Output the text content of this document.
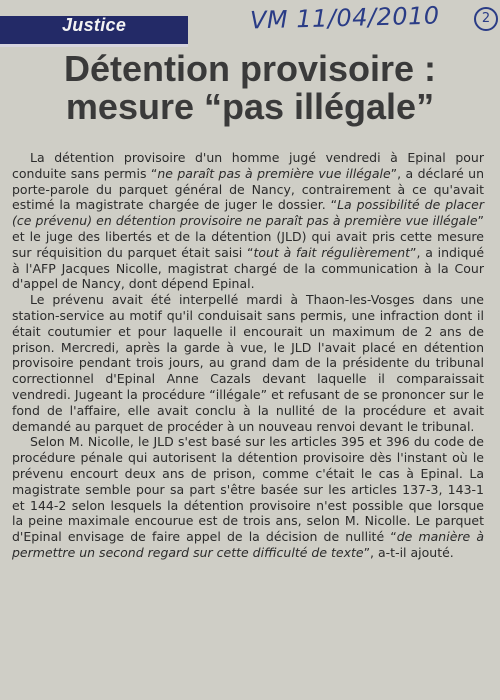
Justice	VM 11/04/2010	2
Détention provisoire :
mesure “pas illégale”

La détention provisoire d'un homme jugé vendredi à Epinal pour conduite sans permis “ne paraît pas à première vue illégale”, a déclaré un porte-parole du parquet général de Nancy, contrairement à ce qu'avait estimé la magistrate chargée de juger le dossier. “La possibilité de placer (ce prévenu) en détention provisoire ne paraît pas à première vue illégale” et le juge des libertés et de la détention (JLD) qui avait pris cette mesure sur réquisition du parquet était saisi “tout à fait régulièrement”, a indiqué à l'AFP Jacques Nicolle, magistrat chargé de la communication à la Cour d'appel de Nancy, dont dépend Epinal.

Le prévenu avait été interpellé mardi à Thaon-les-Vosges dans une station-service au motif qu'il conduisait sans permis, une infraction dont il était coutumier et pour laquelle il encourait un maximum de 2 ans de prison. Mercredi, après la garde à vue, le JLD l'avait placé en détention provisoire pendant trois jours, au grand dam de la présidente du tribunal correctionnel d'Epinal Anne Cazals devant laquelle il comparaissait vendredi. Jugeant la procédure “illégale” et refusant de se prononcer sur le fond de l'affaire, elle avait conclu à la nullité de la procédure et avait demandé au parquet de procéder à un nouveau renvoi devant le tribunal.

Selon M. Nicolle, le JLD s'est basé sur les articles 395 et 396 du code de procédure pénale qui autorisent la détention provisoire dès l'instant où le prévenu encourt deux ans de prison, comme c'était le cas à Epinal. La magistrate semble pour sa part s'être basée sur les articles 137-3, 143-1 et 144-2 selon lesquels la détention provisoire n'est possible que lorsque la peine maximale encourue est de trois ans, selon M. Nicolle. Le parquet d'Epinal envisage de faire appel de la décision de nullité “de manière à permettre un second regard sur cette difficulté de texte”, a-t-il ajouté.
